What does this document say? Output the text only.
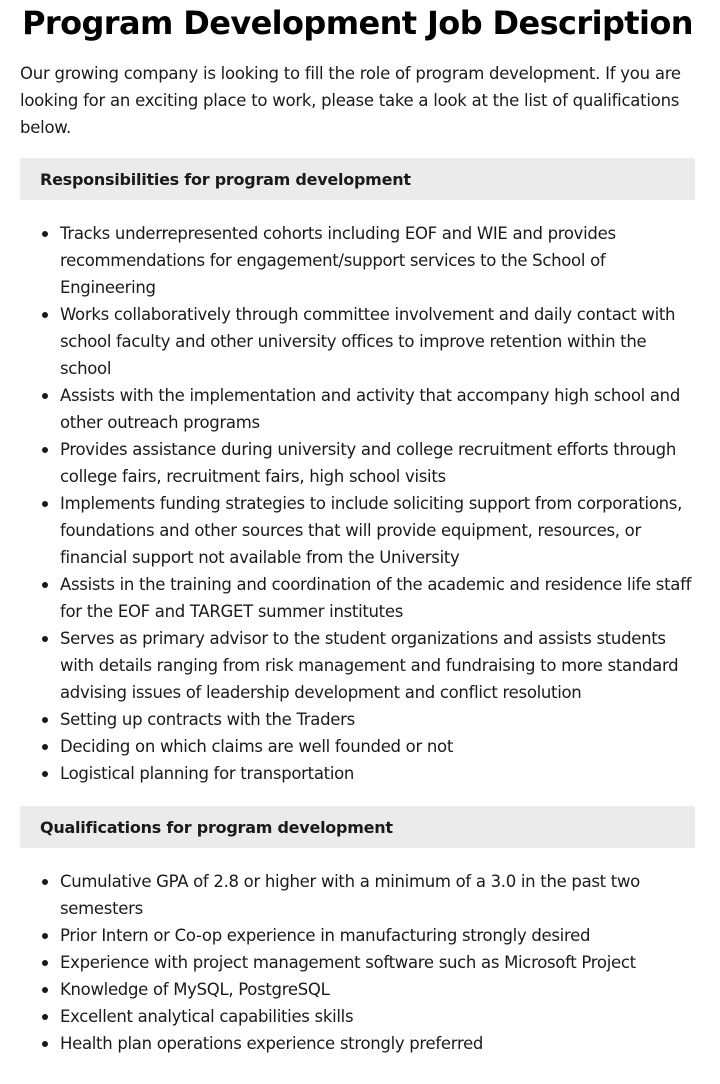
Program Development Job Description

Our growing company is looking to fill the role of program development. If you are looking for an exciting place to work, please take a look at the list of qualifications below.

Responsibilities for program development
Tracks underrepresented cohorts including EOF and WIE and provides recommendations for engagement/support services to the School of Engineering
Works collaboratively through committee involvement and daily contact with school faculty and other university offices to improve retention within the school
Assists with the implementation and activity that accompany high school and other outreach programs
Provides assistance during university and college recruitment efforts through college fairs, recruitment fairs, high school visits
Implements funding strategies to include soliciting support from corporations, foundations and other sources that will provide equipment, resources, or financial support not available from the University
Assists in the training and coordination of the academic and residence life staff for the EOF and TARGET summer institutes
Serves as primary advisor to the student organizations and assists students with details ranging from risk management and fundraising to more standard advising issues of leadership development and conflict resolution
Setting up contracts with the Traders
Deciding on which claims are well founded or not
Logistical planning for transportation
Qualifications for program development
Cumulative GPA of 2.8 or higher with a minimum of a 3.0 in the past two semesters
Prior Intern or Co-op experience in manufacturing strongly desired
Experience with project management software such as Microsoft Project
Knowledge of MySQL, PostgreSQL
Excellent analytical capabilities skills
Health plan operations experience strongly preferred
